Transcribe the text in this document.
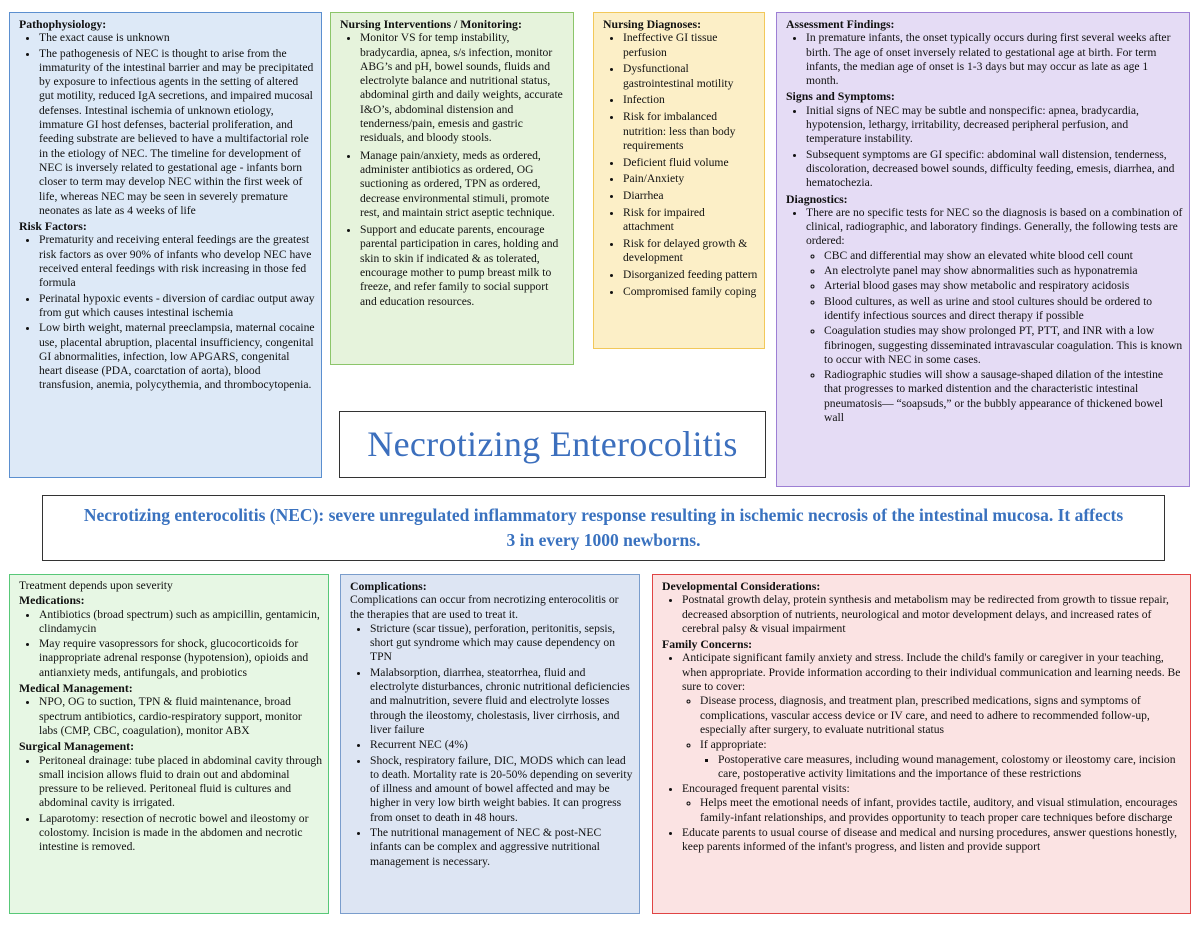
Pathophysiology:
• The exact cause is unknown
• The pathogenesis of NEC is thought to arise from the immaturity of the intestinal barrier and may be precipitated by exposure to infectious agents in the setting of altered gut motility, reduced IgA secretions, and impaired mucosal defenses. Intestinal ischemia of unknown etiology, immature GI host defenses, bacterial proliferation, and feeding substrate are believed to have a multifactorial role in the etiology of NEC. The timeline for development of NEC is inversely related to gestational age - infants born closer to term may develop NEC within the first week of life, whereas NEC may be seen in severely premature neonates as late as 4 weeks of life
Risk Factors:
• Prematurity and receiving enteral feedings are the greatest risk factors as over 90% of infants who develop NEC have received enteral feedings with risk increasing in those fed formula
• Perinatal hypoxic events - diversion of cardiac output away from gut which causes intestinal ischemia
• Low birth weight, maternal preeclampsia, maternal cocaine use, placental abruption, placental insufficiency, congenital GI abnormalities, infection, low APGARS, congenital heart disease (PDA, coarctation of aorta), blood transfusion, anemia, polycythemia, and thrombocytopenia.
Nursing Interventions / Monitoring:
• Monitor VS for temp instability, bradycardia, apnea, s/s infection, monitor ABG’s and pH, bowel sounds, fluids and electrolyte balance and nutritional status, abdominal girth and daily weights, accurate I&O’s, abdominal distension and tenderness/pain, emesis and gastric residuals, and bloody stools.
• Manage pain/anxiety, meds as ordered, administer antibiotics as ordered, OG suctioning as ordered, TPN as ordered, decrease environmental stimuli, promote rest, and maintain strict aseptic technique.
• Support and educate parents, encourage parental participation in cares, holding and skin to skin if indicated & as tolerated, encourage mother to pump breast milk to freeze, and refer family to social support and education resources.
Nursing Diagnoses:
• Ineffective GI tissue perfusion
• Dysfunctional gastrointestinal motility
• Infection
• Risk for imbalanced nutrition: less than body requirements
• Deficient fluid volume
• Pain/Anxiety
• Diarrhea
• Risk for impaired attachment
• Risk for delayed growth & development
• Disorganized feeding pattern
• Compromised family coping
Assessment Findings:
• In premature infants, the onset typically occurs during first several weeks after birth. The age of onset inversely related to gestational age at birth. For term infants, the median age of onset is 1-3 days but may occur as late as age 1 month.
Signs and Symptoms:
• Initial signs of NEC may be subtle and nonspecific: apnea, bradycardia, hypotension, lethargy, irritability, decreased peripheral perfusion, and temperature instability.
• Subsequent symptoms are GI specific: abdominal wall distension, tenderness, discoloration, decreased bowel sounds, difficulty feeding, emesis, diarrhea, and hematochezia.
Diagnostics:
• There are no specific tests for NEC so the diagnosis is based on a combination of clinical, radiographic, and laboratory findings. Generally, the following tests are ordered:
◦ CBC and differential may show an elevated white blood cell count
◦ An electrolyte panel may show abnormalities such as hyponatremia
◦ Arterial blood gases may show metabolic and respiratory acidosis
◦ Blood cultures, as well as urine and stool cultures should be ordered to identify infectious sources and direct therapy if possible
◦ Coagulation studies may show prolonged PT, PTT, and INR with a low fibrinogen, suggesting disseminated intravascular coagulation. This is known to occur with NEC in some cases.
◦ Radiographic studies will show a sausage-shaped dilation of the intestine that progresses to marked distention and the characteristic intestinal pneumatosis— “soapsuds,” or the bubbly appearance of thickened bowel wall
Necrotizing Enterocolitis
Necrotizing enterocolitis (NEC): severe unregulated inflammatory response resulting in ischemic necrosis of the intestinal mucosa. It affects 3 in every 1000 newborns.

Treatment depends upon severity

Medications:
• Antibiotics (broad spectrum) such as ampicillin, gentamicin, clindamycin
• May require vasopressors for shock, glucocorticoids for inappropriate adrenal response (hypotension), opioids and antianxiety meds, antifungals, and probiotics
Medical Management:
• NPO, OG to suction, TPN & fluid maintenance, broad spectrum antibiotics, cardio-respiratory support, monitor labs (CMP, CBC, coagulation), monitor ABX
Surgical Management:
• Peritoneal drainage: tube placed in abdominal cavity through small incision allows fluid to drain out and abdominal pressure to be relieved. Peritoneal fluid is cultures and abdominal cavity is irrigated.
• Laparotomy: resection of necrotic bowel and ileostomy or colostomy. Incision is made in the abdomen and necrotic intestine is removed.
Complications:

Complications can occur from necrotizing enterocolitis or the therapies that are used to treat it.

• Stricture (scar tissue), perforation, peritonitis, sepsis, short gut syndrome which may cause dependency on TPN
• Malabsorption, diarrhea, steatorrhea, fluid and electrolyte disturbances, chronic nutritional deficiencies and malnutrition, severe fluid and electrolyte losses through the ileostomy, cholestasis, liver cirrhosis, and liver failure
• Recurrent NEC (4%)
• Shock, respiratory failure, DIC, MODS which can lead to death. Mortality rate is 20-50% depending on severity of illness and amount of bowel affected and may be higher in very low birth weight babies. It can progress from onset to death in 48 hours.
• The nutritional management of NEC & post-NEC infants can be complex and aggressive nutritional management is necessary.
Developmental Considerations:
• Postnatal growth delay, protein synthesis and metabolism may be redirected from growth to tissue repair, decreased absorption of nutrients, neurological and motor development delays, and increased rates of cerebral palsy & visual impairment
Family Concerns:
• Anticipate significant family anxiety and stress. Include the child's family or caregiver in your teaching, when appropriate. Provide information according to their individual communication and learning needs. Be sure to cover:
◦ Disease process, diagnosis, and treatment plan, prescribed medications, signs and symptoms of complications, vascular access device or IV care, and need to adhere to recommended follow-up, especially after surgery, to evaluate nutritional status
◦ If appropriate:
▪ Postoperative care measures, including wound management, colostomy or ileostomy care, incision care, postoperative activity limitations and the importance of these restrictions
• Encouraged frequent parental visits:
◦ Helps meet the emotional needs of infant, provides tactile, auditory, and visual stimulation, encourages family-infant relationships, and provides opportunity to teach proper care techniques before discharge
• Educate parents to usual course of disease and medical and nursing procedures, answer questions honestly, keep parents informed of the infant's progress, and listen and provide support
